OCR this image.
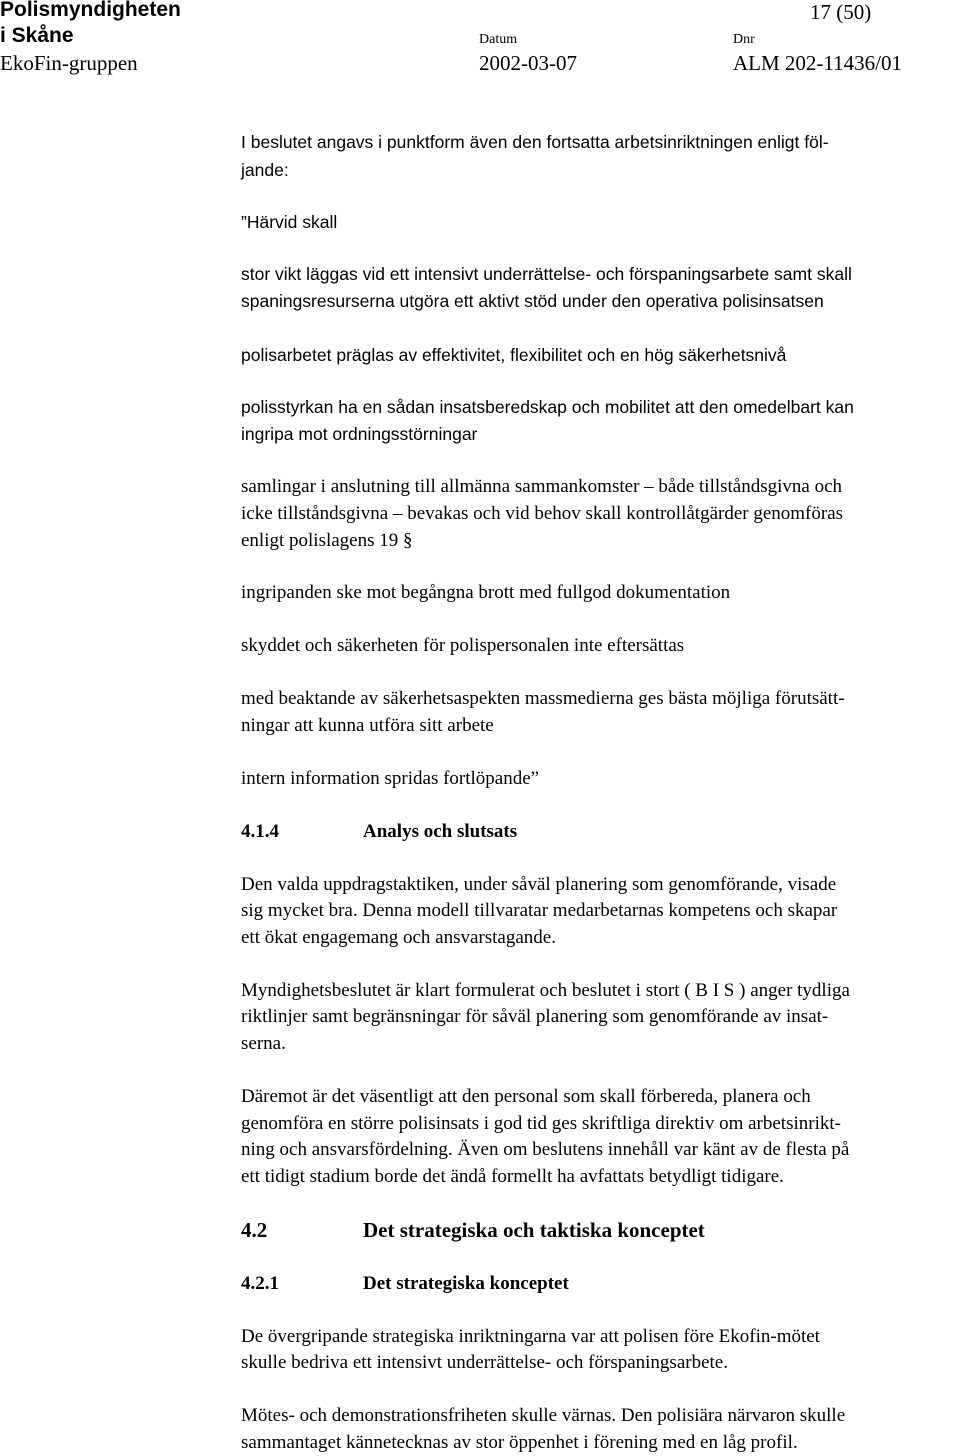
Polismyndigheten
i Skåne
EkoFin-gruppen
17 (50)
Datum
2002-03-07
Dnr
ALM 202-11436/01
I beslutet angavs i punktform även den fortsatta arbetsinriktningen enligt föl-
jande:
”Härvid skall
stor vikt läggas vid ett intensivt underrättelse- och förspaningsarbete samt skall
spaningsresurserna utgöra ett aktivt stöd under den operativa polisinsatsen
polisarbetet präglas av effektivitet, flexibilitet och en hög säkerhetsnivå
polisstyrkan ha en sådan insatsberedskap och mobilitet att den omedelbart kan
ingripa mot ordningsstörningar
samlingar i anslutning till allmänna sammankomster – både tillståndsgivna och
icke tillståndsgivna – bevakas och vid behov skall kontrollåtgärder genomföras
enligt polislagens 19 §
ingripanden ske mot begångna brott med fullgod dokumentation
skyddet och säkerheten för polispersonalen inte eftersättas
med beaktande av säkerhetsaspekten massmedierna ges bästa möjliga förutsätt-
ningar att kunna utföra sitt arbete
intern information spridas fortlöpande”
4.1.4	Analys och slutsats
Den valda uppdragstaktiken, under såväl planering som genomförande, visade
sig mycket bra. Denna modell tillvaratar medarbetarnas kompetens och skapar
ett ökat engagemang och ansvarstagande.
Myndighetsbeslutet är klart formulerat och beslutet i stort ( B I S ) anger tydliga
riktlinjer samt begränsningar för såväl planering som genomförande av insat-
serna.
Däremot är det väsentligt att den personal som skall förbereda, planera och
genomföra en större polisinsats i god tid ges skriftliga direktiv om arbetsinrikt-
ning och ansvarsfördelning. Även om beslutens innehåll var känt av de flesta på
ett tidigt stadium borde det ändå formellt ha avfattats betydligt tidigare.
4.2	Det strategiska och taktiska konceptet
4.2.1	Det strategiska konceptet
De övergripande strategiska inriktningarna var att polisen före Ekofin-mötet
skulle bedriva ett intensivt underrättelse- och förspaningsarbete.
Mötes- och demonstrationsfriheten skulle värnas. Den polisiära närvaron skulle
sammantaget kännetecknas av stor öppenhet i förening med en låg profil.
